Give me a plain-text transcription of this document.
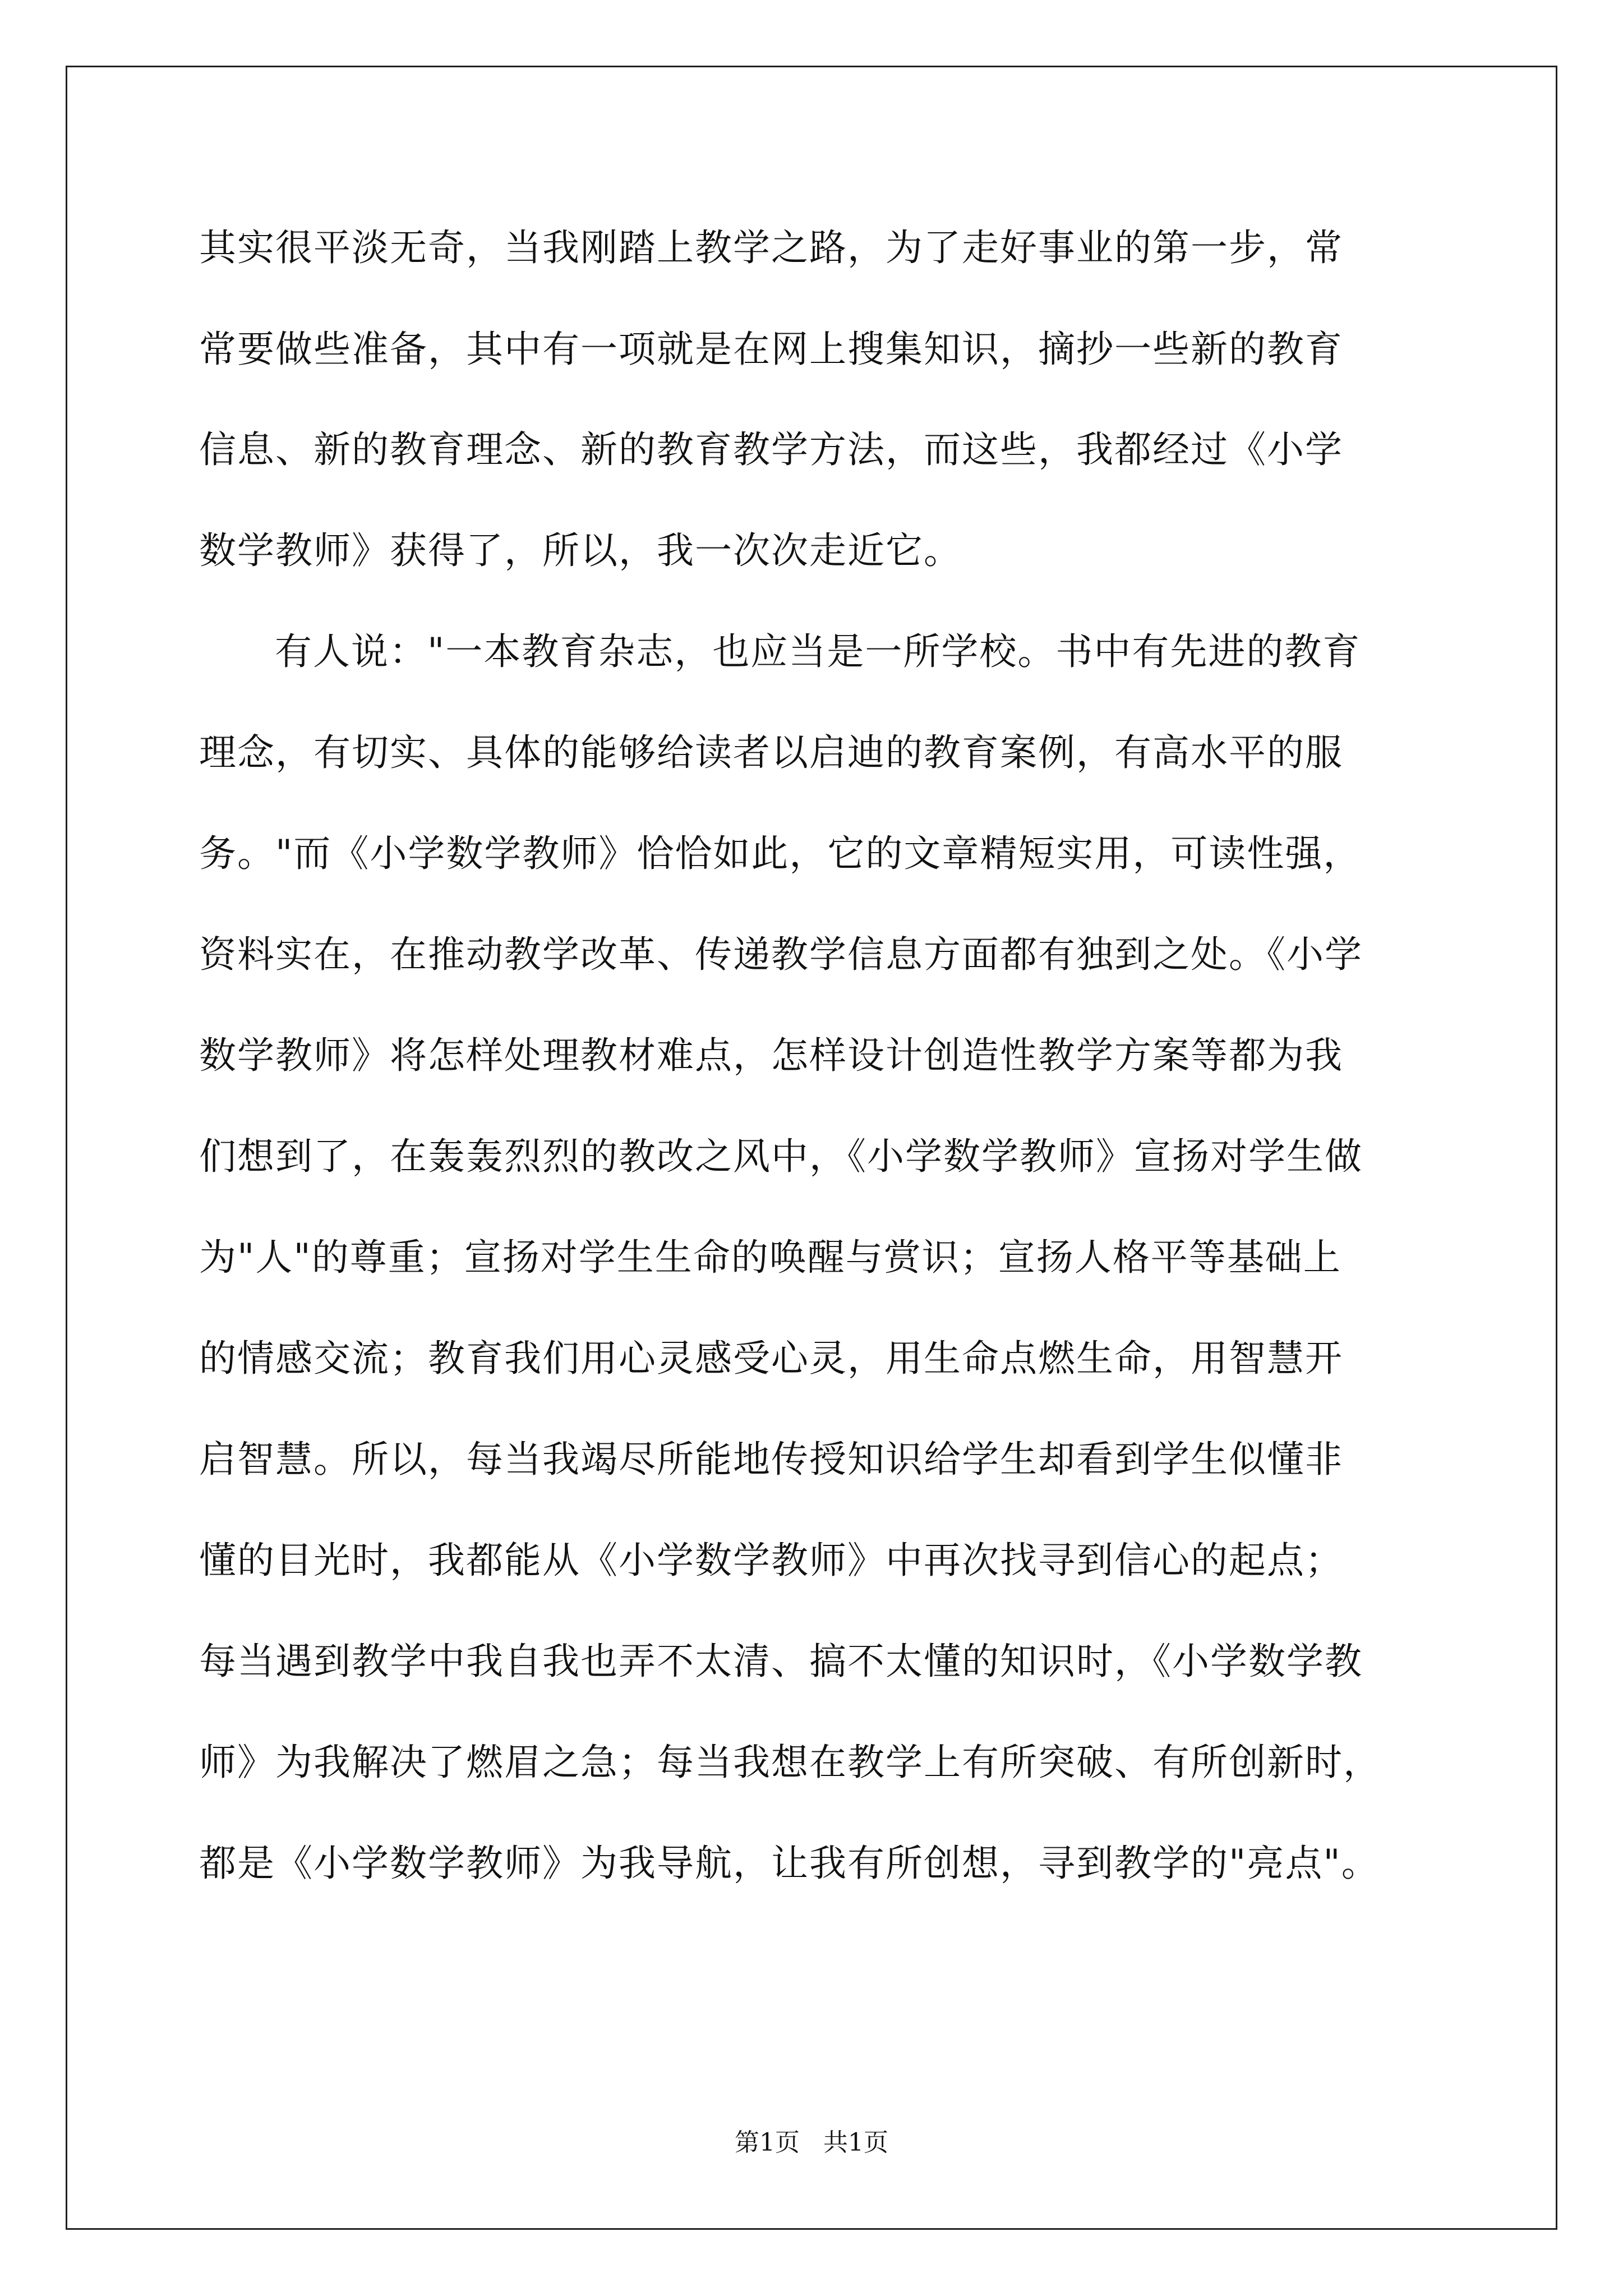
其实很平淡无奇，当我刚踏上教学之路，为了走好事业的第一步，常
常要做些准备，其中有一项就是在网上搜集知识，摘抄一些新的教育
信息、新的教育理念、新的教育教学方法，而这些，我都经过《小学
数学教师》获得了，所以，我一次次走近它。
有人说："一本教育杂志，也应当是一所学校。书中有先进的教育
理念，有切实、具体的能够给读者以启迪的教育案例，有高水平的服
务。"而《小学数学教师》恰恰如此，它的文章精短实用，可读性强，
资料实在，在推动教学改革、传递教学信息方面都有独到之处。《小学
数学教师》将怎样处理教材难点，怎样设计创造性教学方案等都为我
们想到了，在轰轰烈烈的教改之风中，《小学数学教师》宣扬对学生做
为"人"的尊重；宣扬对学生生命的唤醒与赏识；宣扬人格平等基础上
的情感交流；教育我们用心灵感受心灵，用生命点燃生命，用智慧开
启智慧。所以，每当我竭尽所能地传授知识给学生却看到学生似懂非
懂的目光时，我都能从《小学数学教师》中再次找寻到信心的起点；
每当遇到教学中我自我也弄不太清、搞不太懂的知识时，《小学数学教
师》为我解决了燃眉之急；每当我想在教学上有所突破、有所创新时，
都是《小学数学教师》为我导航，让我有所创想，寻到教学的"亮点"。
第1页   共1页
